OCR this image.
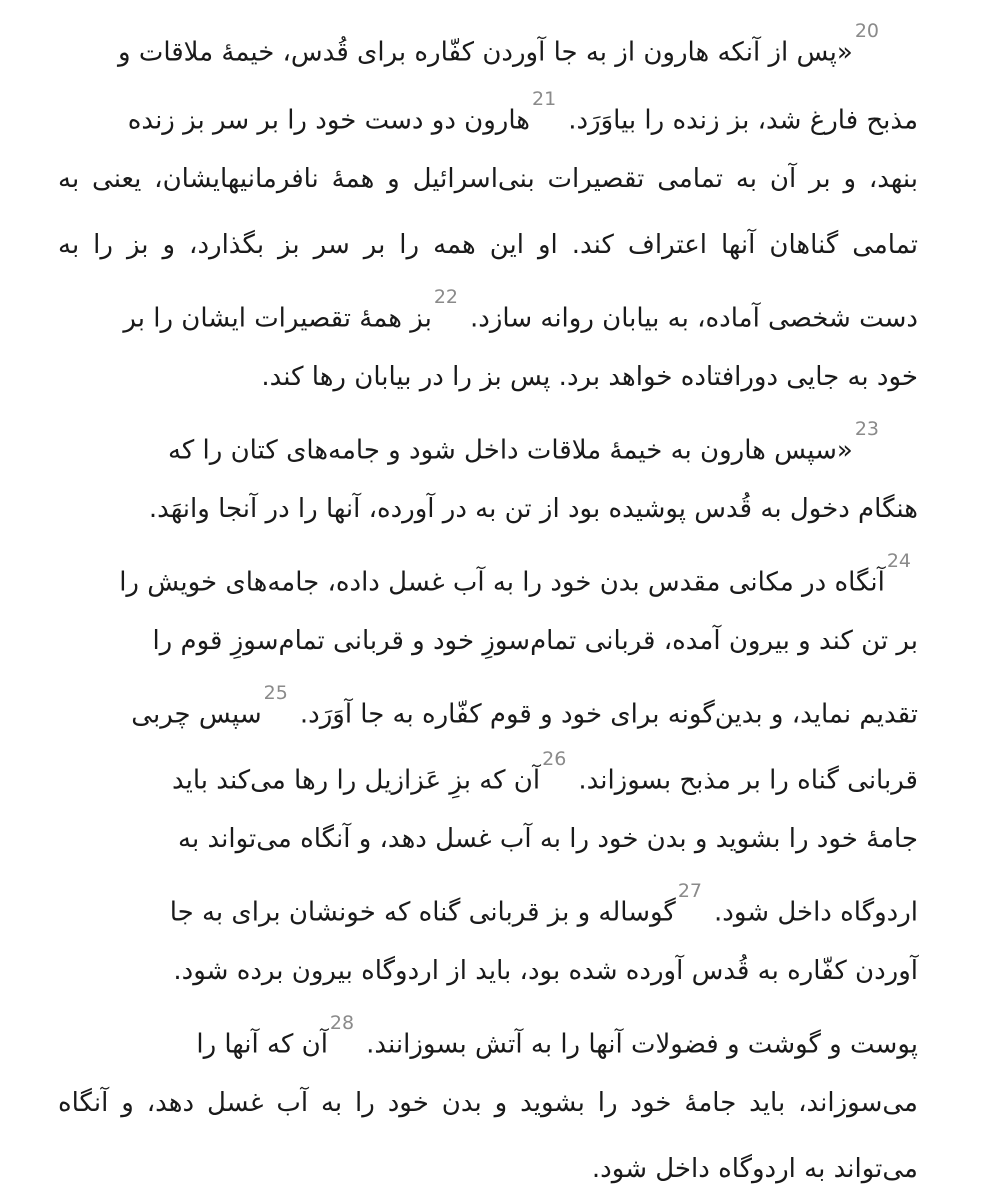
$^{20}$«پس از آنکه هارون از به جا آوردن کفّاره برای قُدس، خیمهٔ ملاقات و
مذبح فارغ شد، بز زنده را بیاوَرَد.$^{21}$هارون دو دست خود را بر سر بز زنده
بنهد، و بر آن به تمامی تقصیرات بنی‌اسرائیل و همهٔ نافرمانیهایشان، یعنی به
تمامی گناهان آنها اعتراف کند. او این همه را بر سر بز بگذارد، و بز را به
دست شخصی آماده، به بیابان روانه سازد.$^{22}$بز همهٔ تقصیرات ایشان را بر
خود به جایی دورافتاده خواهد برد. پس بز را در بیابان رها کند.
$^{23}$«سپس هارون به خیمهٔ ملاقات داخل شود و جامه‌های کتان را که
هنگام دخول به قُدس پوشیده بود از تن به در آورده، آنها را در آنجا وانهَد.
$^{24}$آنگاه در مکانی مقدس بدن خود را به آب غسل داده، جامه‌های خویش را
بر تن کند و بیرون آمده، قربانی تمام‌سوزِ خود و قربانی تمام‌سوزِ قوم را
تقدیم نماید، و بدین‌گونه برای خود و قوم کفّاره به جا آوَرَد.$^{25}$سپس چربی
قربانی گناه را بر مذبح بسوزاند.$^{26}$آن که بزِ عَزازیل را رها می‌کند باید
جامهٔ خود را بشوید و بدن خود را به آب غسل دهد، و آنگاه می‌تواند به
اردوگاه داخل شود.$^{27}$گوساله و بز قربانی گناه که خونشان برای به جا
آوردن کفّاره به قُدس آورده شده بود، باید از اردوگاه بیرون برده شود.
پوست و گوشت و فضولات آنها را به آتش بسوزانند.$^{28}$آن که آنها را
می‌سوزاند، باید جامهٔ خود را بشوید و بدن خود را به آب غسل دهد، و آنگاه
می‌تواند به اردوگاه داخل شود.
